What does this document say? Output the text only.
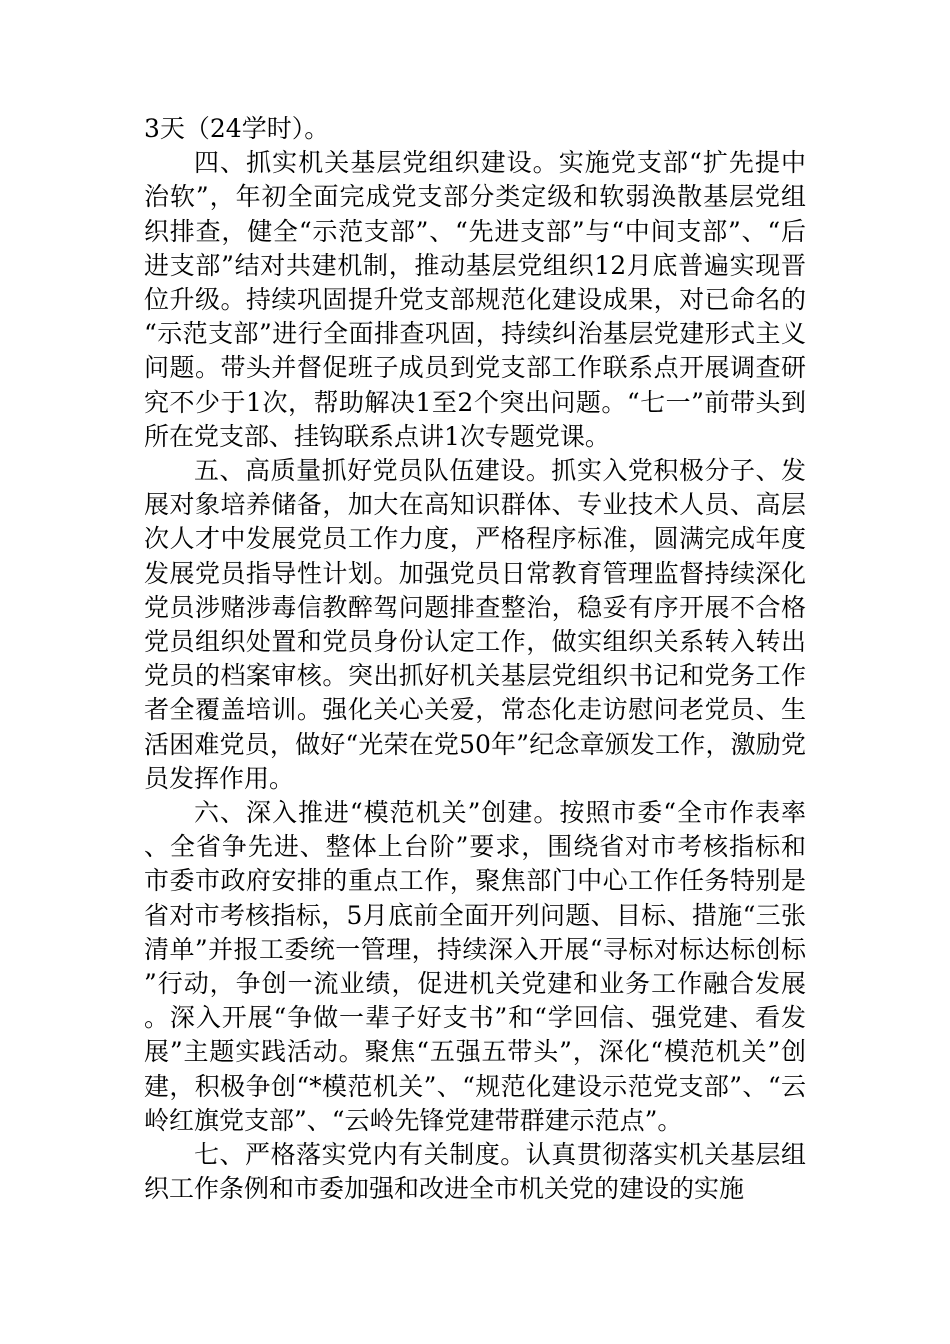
3天（24学时）。

四、抓实机关基层党组织建设。实施党支部“扩先提中治软”，年初全面完成党支部分类定级和软弱涣散基层党组织排查，健全“示范支部”、“先进支部”与“中间支部”、“后进支部”结对共建机制，推动基层党组织12月底普遍实现晋位升级。持续巩固提升党支部规范化建设成果，对已命名的“示范支部”进行全面排查巩固，持续纠治基层党建形式主义问题。带头并督促班子成员到党支部工作联系点开展调查研究不少于1次，帮助解决1至2个突出问题。“七一”前带头到所在党支部、挂钩联系点讲1次专题党课。

五、高质量抓好党员队伍建设。抓实入党积极分子、发展对象培养储备，加大在高知识群体、专业技术人员、高层次人才中发展党员工作力度，严格程序标准，圆满完成年度发展党员指导性计划。加强党员日常教育管理监督持续深化党员涉赌涉毒信教醉驾问题排查整治，稳妥有序开展不合格党员组织处置和党员身份认定工作，做实组织关系转入转出党员的档案审核。突出抓好机关基层党组织书记和党务工作者全覆盖培训。强化关心关爱，常态化走访慰问老党员、生活困难党员，做好“光荣在党50年”纪念章颁发工作，激励党员发挥作用。

六、深入推进“模范机关”创建。按照市委“全市作表率、全省争先进、整体上台阶”要求，围绕省对市考核指标和市委市政府安排的重点工作，聚焦部门中心工作任务特别是省对市考核指标，5月底前全面开列问题、目标、措施“三张清单”并报工委统一管理，持续深入开展“寻标对标达标创标”行动，争创一流业绩，促进机关党建和业务工作融合发展。深入开展“争做一辈子好支书”和“学回信、强党建、看发展”主题实践活动。聚焦“五强五带头”，深化“模范机关”创建，积极争创“*模范机关”、“规范化建设示范党支部”、“云岭红旗党支部”、“云岭先锋党建带群建示范点”。

七、严格落实党内有关制度。认真贯彻落实机关基层组织工作条例和市委加强和改进全市机关党的建设的实施
